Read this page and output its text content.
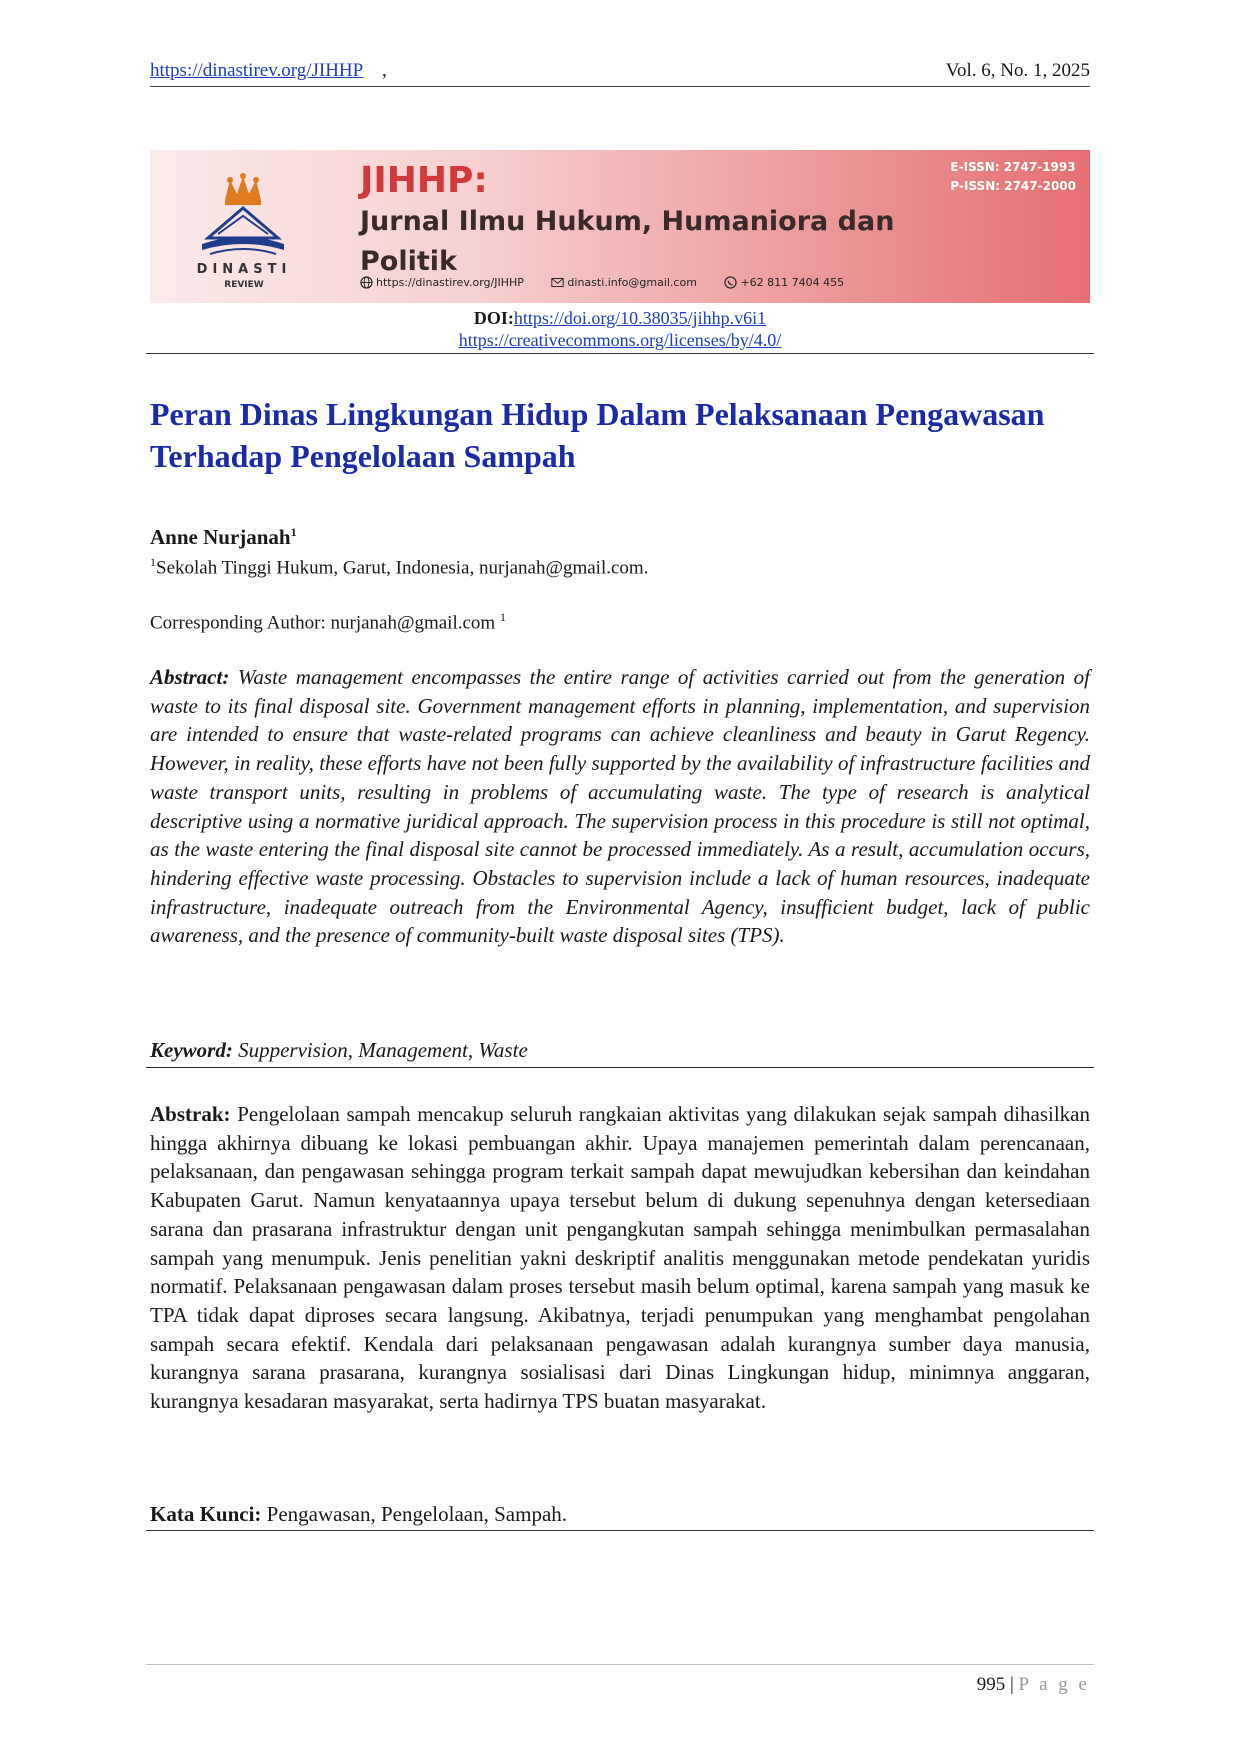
https://dinastirev.org/JIHHP ,	Vol. 6, No. 1, 2025
DINASTI
REVIEW
JIHHP:
Jurnal Ilmu Hukum, Humaniora dan Politik
E-ISSN: 2747-1993
P-ISSN: 2747-2000
https://dinastirev.org/JIHHP	dinasti.info@gmail.com	+62 811 7404 455
DOI:https://doi.org/10.38035/jihhp.v6i1
https://creativecommons.org/licenses/by/4.0/
Peran Dinas Lingkungan Hidup Dalam Pelaksanaan Pengawasan Terhadap Pengelolaan Sampah
Anne Nurjanah$^1$
$^1$Sekolah Tinggi Hukum, Garut, Indonesia, nurjanah@gmail.com.
Corresponding Author: nurjanah@gmail.com $^1$
Abstract: Waste management encompasses the entire range of activities carried out from the generation of waste to its final disposal site. Government management efforts in planning, implementation, and supervision are intended to ensure that waste-related programs can achieve cleanliness and beauty in Garut Regency. However, in reality, these efforts have not been fully supported by the availability of infrastructure facilities and waste transport units, resulting in problems of accumulating waste. The type of research is analytical descriptive using a normative juridical approach. The supervision process in this procedure is still not optimal, as the waste entering the final disposal site cannot be processed immediately. As a result, accumulation occurs, hindering effective waste processing. Obstacles to supervision include a lack of human resources, inadequate infrastructure, inadequate outreach from the Environmental Agency, insufficient budget, lack of public awareness, and the presence of community-built waste disposal sites (TPS).
Keyword: Suppervision, Management, Waste
Abstrak: Pengelolaan sampah mencakup seluruh rangkaian aktivitas yang dilakukan sejak sampah dihasilkan hingga akhirnya dibuang ke lokasi pembuangan akhir. Upaya manajemen pemerintah dalam perencanaan, pelaksanaan, dan pengawasan sehingga program terkait sampah dapat mewujudkan kebersihan dan keindahan Kabupaten Garut. Namun kenyataannya upaya tersebut belum di dukung sepenuhnya dengan ketersediaan sarana dan prasarana infrastruktur dengan unit pengangkutan sampah sehingga menimbulkan permasalahan sampah yang menumpuk. Jenis penelitian yakni deskriptif analitis menggunakan metode pendekatan yuridis normatif. Pelaksanaan pengawasan dalam proses tersebut masih belum optimal, karena sampah yang masuk ke TPA tidak dapat diproses secara langsung. Akibatnya, terjadi penumpukan yang menghambat pengolahan sampah secara efektif. Kendala dari pelaksanaan pengawasan adalah kurangnya sumber daya manusia, kurangnya sarana prasarana, kurangnya sosialisasi dari Dinas Lingkungan hidup, minimnya anggaran, kurangnya kesadaran masyarakat, serta hadirnya TPS buatan masyarakat.
Kata Kunci: Pengawasan, Pengelolaan, Sampah.
995 | P a g e
